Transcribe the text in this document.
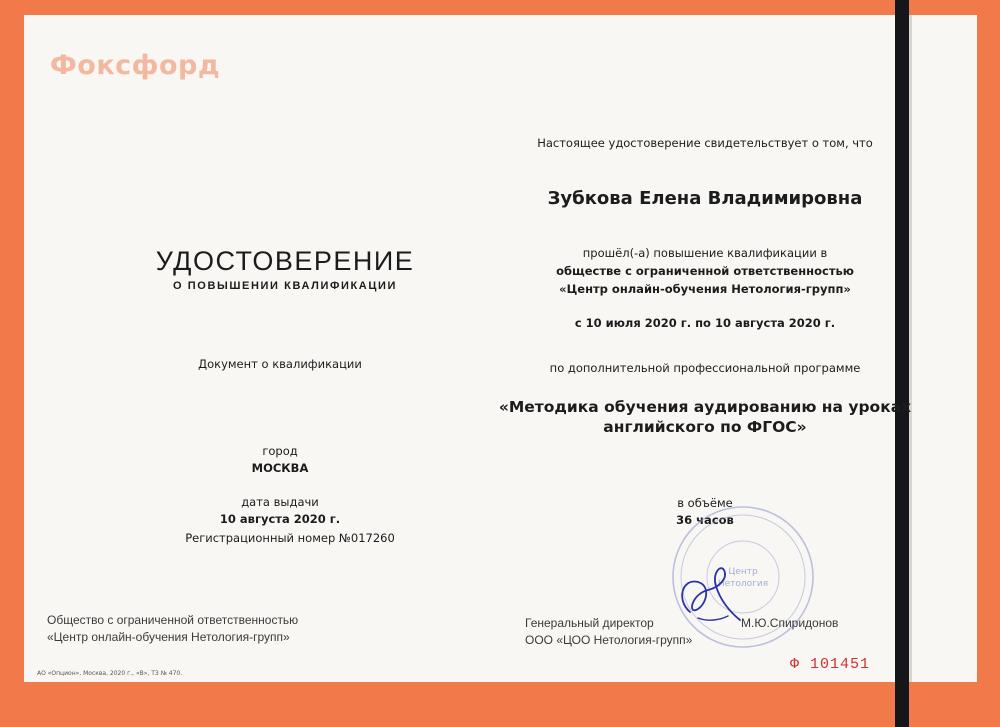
Фоксфорд
УДОСТОВЕРЕНИЕ
О ПОВЫШЕНИИ КВАЛИФИКАЦИИ
Документ о квалификации
город
МОСКВА
дата выдачи
10 августа 2020 г.
Регистрационный номер №017260
Общество с ограниченной ответственностью
«Центр онлайн-обучения Нетология-групп»
АО «Опцион», Москва, 2020 г., «В», ТЗ № 470.
Настоящее удостоверение свидетельствует о том, что
Зубкова Елена Владимировна
прошёл(-а) повышение квалификации в
обществе с ограниченной ответственностью
«Центр онлайн-обучения Нетология-групп»
с 10 июля 2020 г. по 10 августа 2020 г.
по дополнительной профессиональной программе
«Методика обучения аудированию на уроках
английского по ФГОС»
в объёме
36 часов
Центр
Нетология
Генеральный директор
ООО «ЦОО Нетология-групп»
М.Ю.Спиридонов
Ф 101451
